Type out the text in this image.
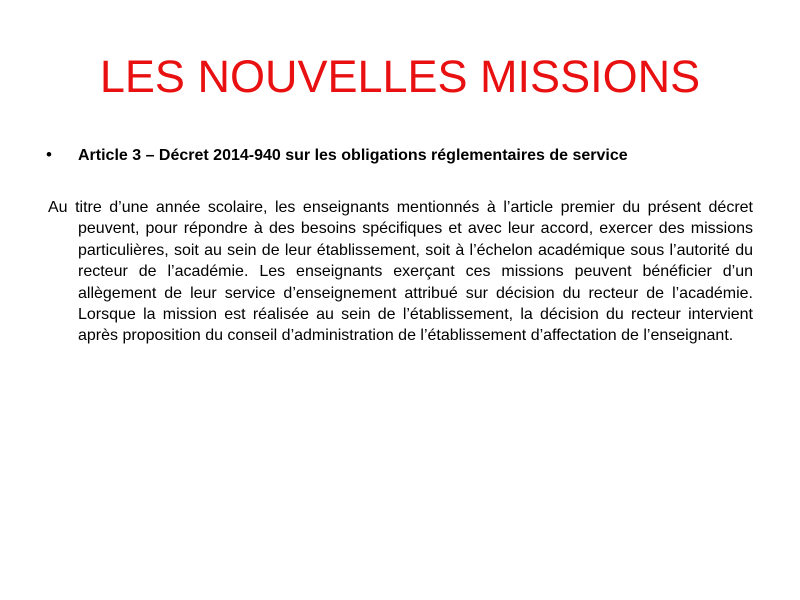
LES NOUVELLES MISSIONS
•	Article 3 – Décret 2014-940 sur les obligations réglementaires de service

Au titre d’une année scolaire, les enseignants mentionnés à l’article premier du présent décret peuvent, pour répondre à des besoins spécifiques et avec leur accord, exercer des missions particulières, soit au sein de leur établissement, soit à l’échelon académique sous l’autorité du recteur de l’académie. Les enseignants exerçant ces missions peuvent bénéficier d’un allègement de leur service d’enseignement attribué sur décision du recteur de l’académie. Lorsque la mission est réalisée au sein de l’établissement, la décision du recteur intervient après proposition du conseil d’administration de l’établissement d’affectation de l’enseignant.
